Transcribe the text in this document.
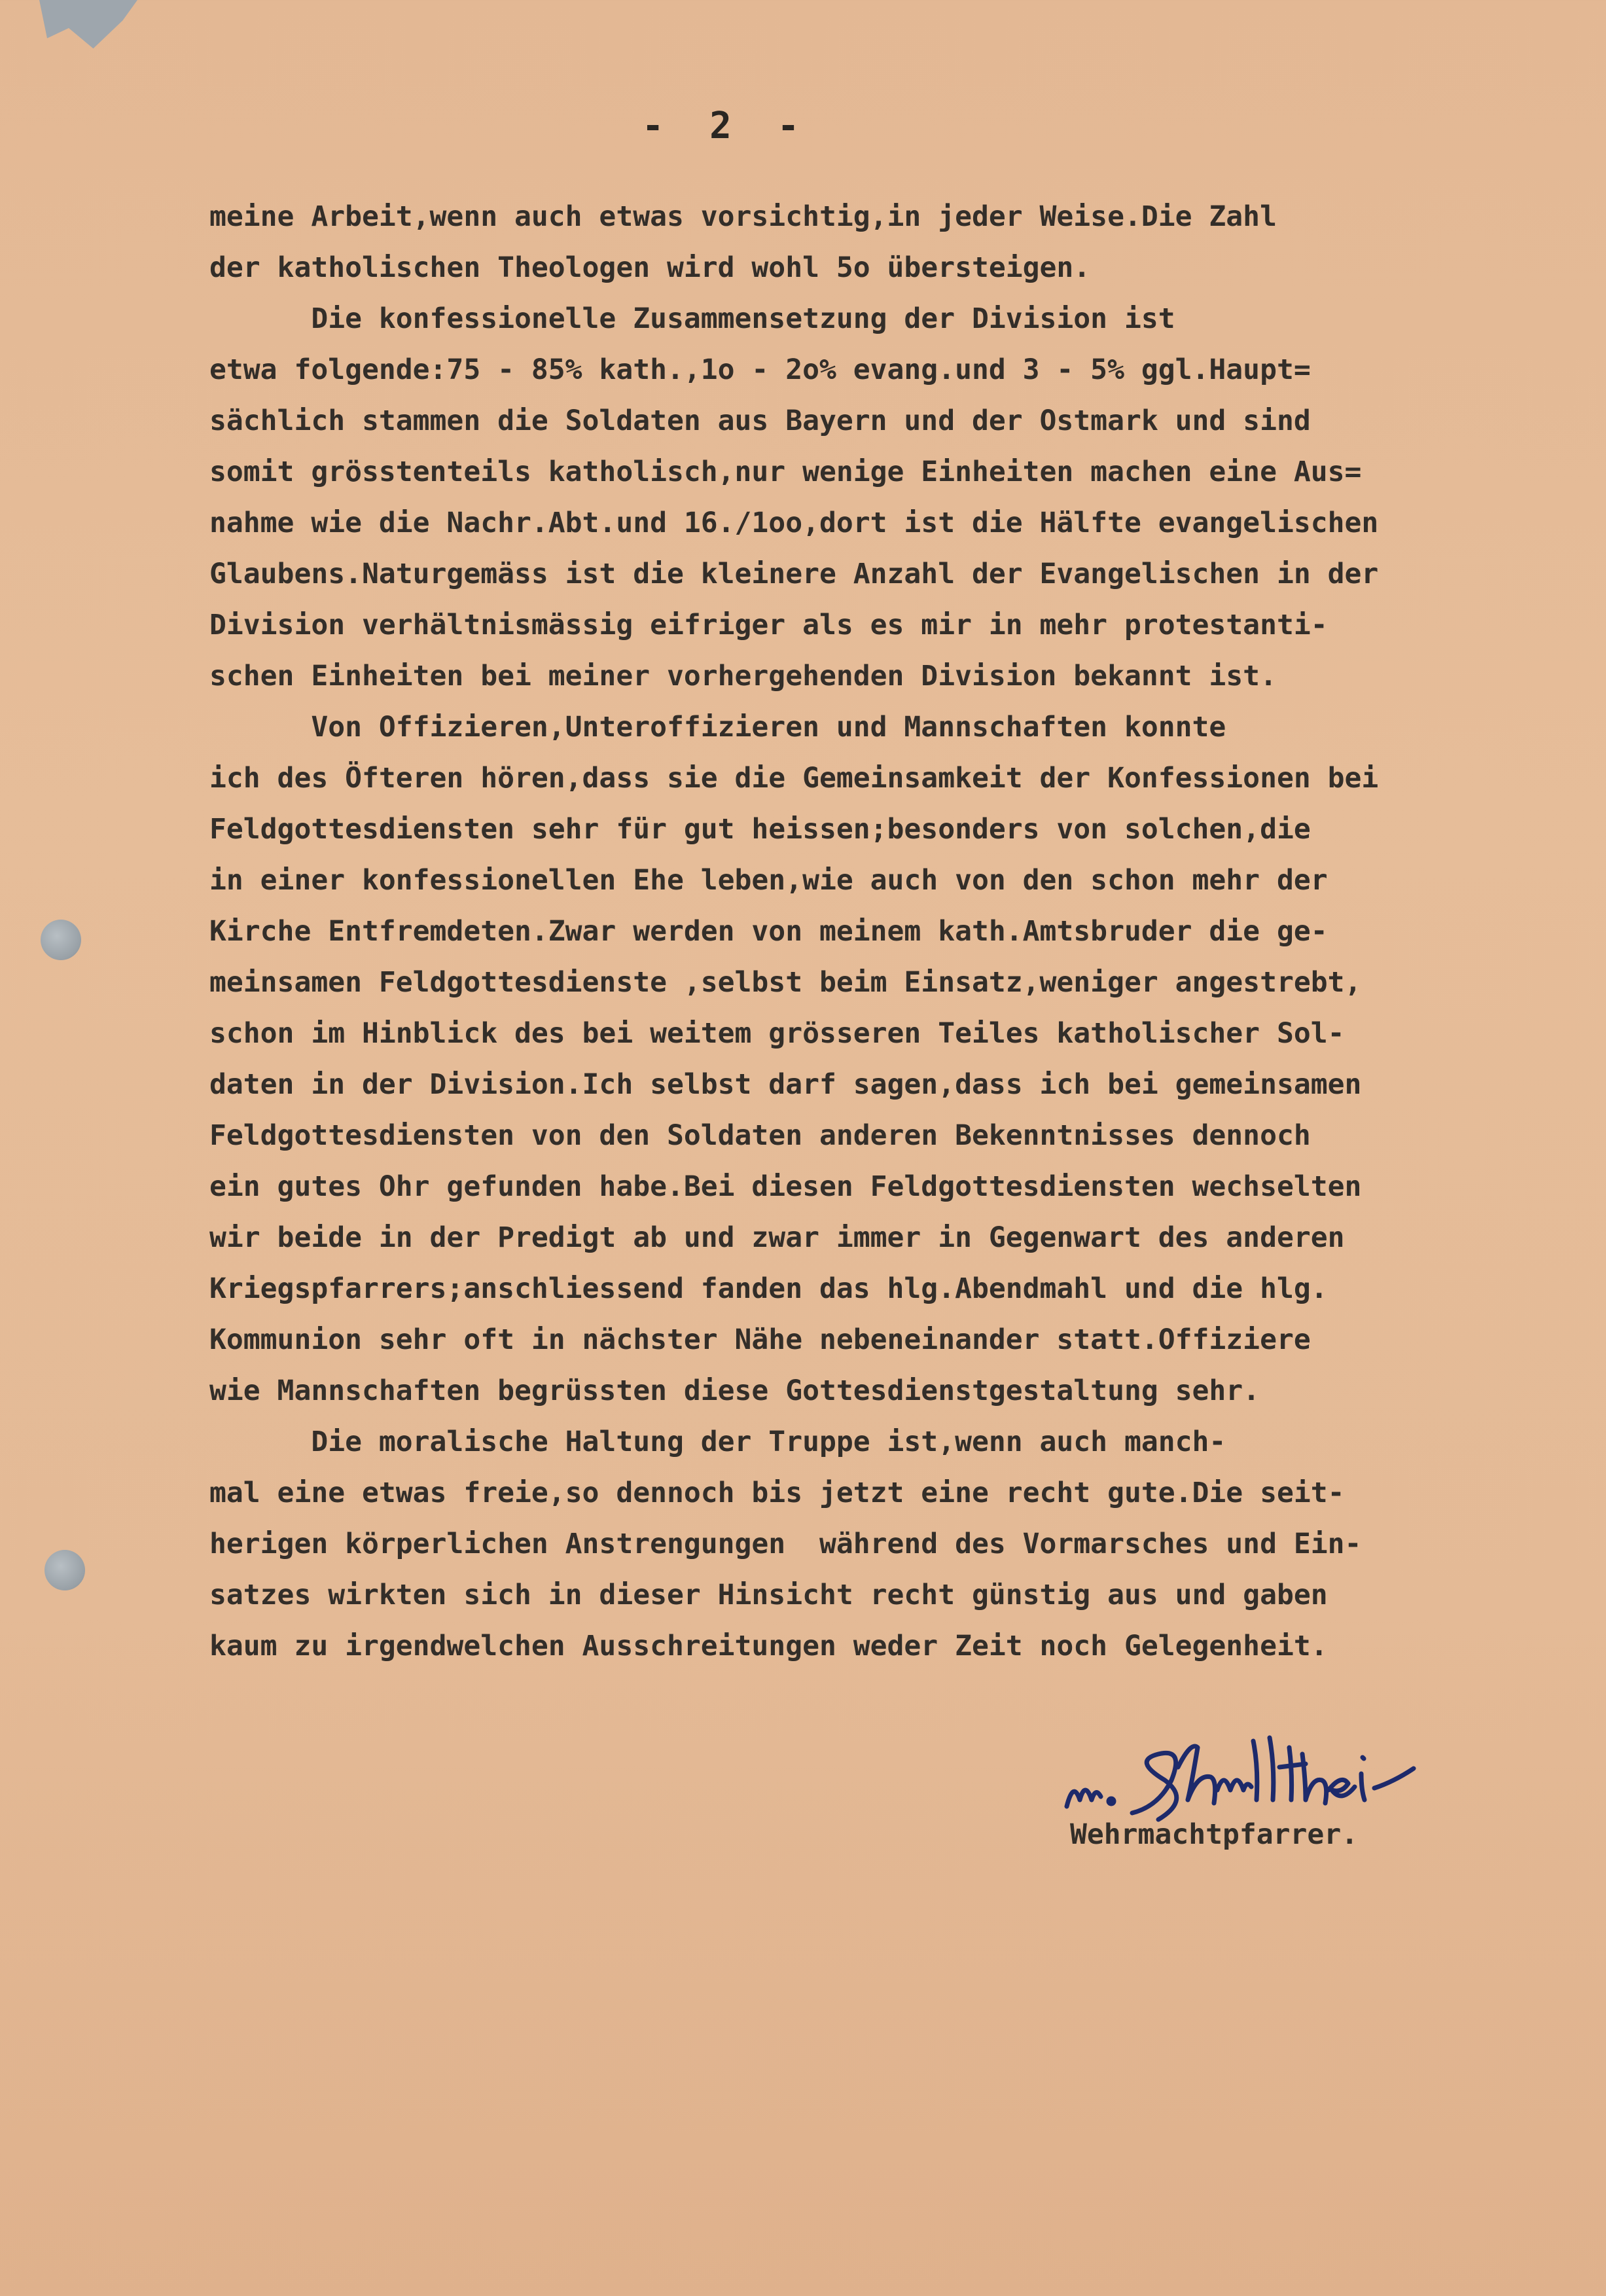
- 2 -
meine Arbeit,wenn auch etwas vorsichtig,in jeder Weise.Die Zahl
der katholischen Theologen wird wohl 5o übersteigen.
Die konfessionelle Zusammensetzung der Division ist
etwa folgende:75 - 85% kath.,1o - 2o% evang.und 3 - 5% ggl.Haupt=
sächlich stammen die Soldaten aus Bayern und der Ostmark und sind
somit grösstenteils katholisch,nur wenige Einheiten machen eine Aus=
nahme wie die Nachr.Abt.und 16./1oo,dort ist die Hälfte evangelischen
Glaubens.Naturgemäss ist die kleinere Anzahl der Evangelischen in der
Division verhältnismässig eifriger als es mir in mehr protestanti-
schen Einheiten bei meiner vorhergehenden Division bekannt ist.
Von Offizieren,Unteroffizieren und Mannschaften konnte
ich des Öfteren hören,dass sie die Gemeinsamkeit der Konfessionen bei
Feldgottesdiensten sehr für gut heissen;besonders von solchen,die
in einer konfessionellen Ehe leben,wie auch von den schon mehr der
Kirche Entfremdeten.Zwar werden von meinem kath.Amtsbruder die ge-
meinsamen Feldgottesdienste ,selbst beim Einsatz,weniger angestrebt,
schon im Hinblick des bei weitem grösseren Teiles katholischer Sol-
daten in der Division.Ich selbst darf sagen,dass ich bei gemeinsamen
Feldgottesdiensten von den Soldaten anderen Bekenntnisses dennoch
ein gutes Ohr gefunden habe.Bei diesen Feldgottesdiensten wechselten
wir beide in der Predigt ab und zwar immer in Gegenwart des anderen
Kriegspfarrers;anschliessend fanden das hlg.Abendmahl und die hlg.
Kommunion sehr oft in nächster Nähe nebeneinander statt.Offiziere
wie Mannschaften begrüssten diese Gottesdienstgestaltung sehr.
Die moralische Haltung der Truppe ist,wenn auch manch-
mal eine etwas freie,so dennoch bis jetzt eine recht gute.Die seit-
herigen körperlichen Anstrengungen  während des Vormarsches und Ein-
satzes wirkten sich in dieser Hinsicht recht günstig aus und gaben
kaum zu irgendwelchen Ausschreitungen weder Zeit noch Gelegenheit.
Wehrmachtpfarrer.
